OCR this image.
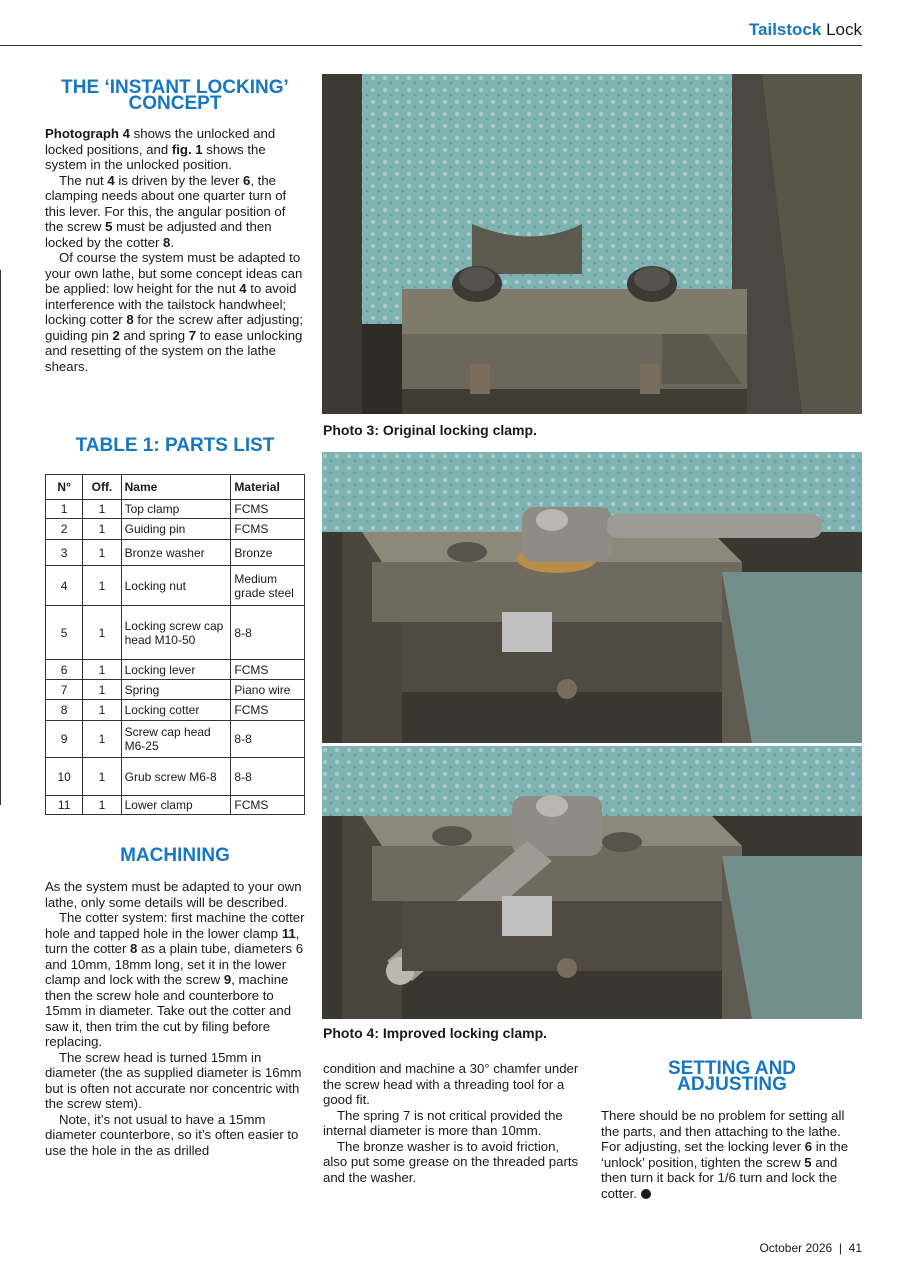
Tailstock Lock
THE ‘INSTANT LOCKING’ CONCEPT

Photograph 4 shows the unlocked and locked positions, and fig. 1 shows the system in the unlocked position.

The nut 4 is driven by the lever 6, the clamping needs about one quarter turn of this lever. For this, the angular position of the screw 5 must be adjusted and then locked by the cotter 8.

Of course the system must be adapted to your own lathe, but some concept ideas can be applied: low height for the nut 4 to avoid interference with the tailstock handwheel; locking cotter 8 for the screw after adjusting; guiding pin 2 and spring 7 to ease unlocking and resetting of the system on the lathe shears.

TABLE 1: PARTS LIST
N°	Off.	Name	Material
1	1	Top clamp	FCMS
2	1	Guiding pin	FCMS
3	1	Bronze washer	Bronze
4	1	Locking nut	Medium grade steel
5	1	Locking screw cap head M10-50	8-8
6	1	Locking lever	FCMS
7	1	Spring	Piano wire
8	1	Locking cotter	FCMS
9	1	Screw cap head M6-25	8-8
10	1	Grub screw M6-8	8-8
11	1	Lower clamp	FCMS
MACHINING

As the system must be adapted to your own lathe, only some details will be described.

The cotter system: first machine the cotter hole and tapped hole in the lower clamp 11, turn the cotter 8 as a plain tube, diameters 6 and 10mm, 18mm long, set it in the lower clamp and lock with the screw 9, machine then the screw hole and counterbore to 15mm in diameter. Take out the cotter and saw it, then trim the cut by filing before replacing.

The screw head is turned 15mm in diameter (the as supplied diameter is 16mm but is often not accurate nor concentric with the screw stem).

Note, it’s not usual to have a 15mm diameter counterbore, so it’s often easier to use the hole in the as drilled

Photo 3: Original locking clamp.
Photo 4: Improved locking clamp.

condition and machine a 30° chamfer under the screw head with a threading tool for a good fit.

The spring 7 is not critical provided the internal diameter is more than 10mm.

The bronze washer is to avoid friction, also put some grease on the threaded parts and the washer.

SETTING AND ADJUSTING

There should be no problem for setting all the parts, and then attaching to the lathe. For adjusting, set the locking lever 6 in the ‘unlock’ position, tighten the screw 5 and then turn it back for 1/6 turn and lock the cotter.

October 2026  |  41
